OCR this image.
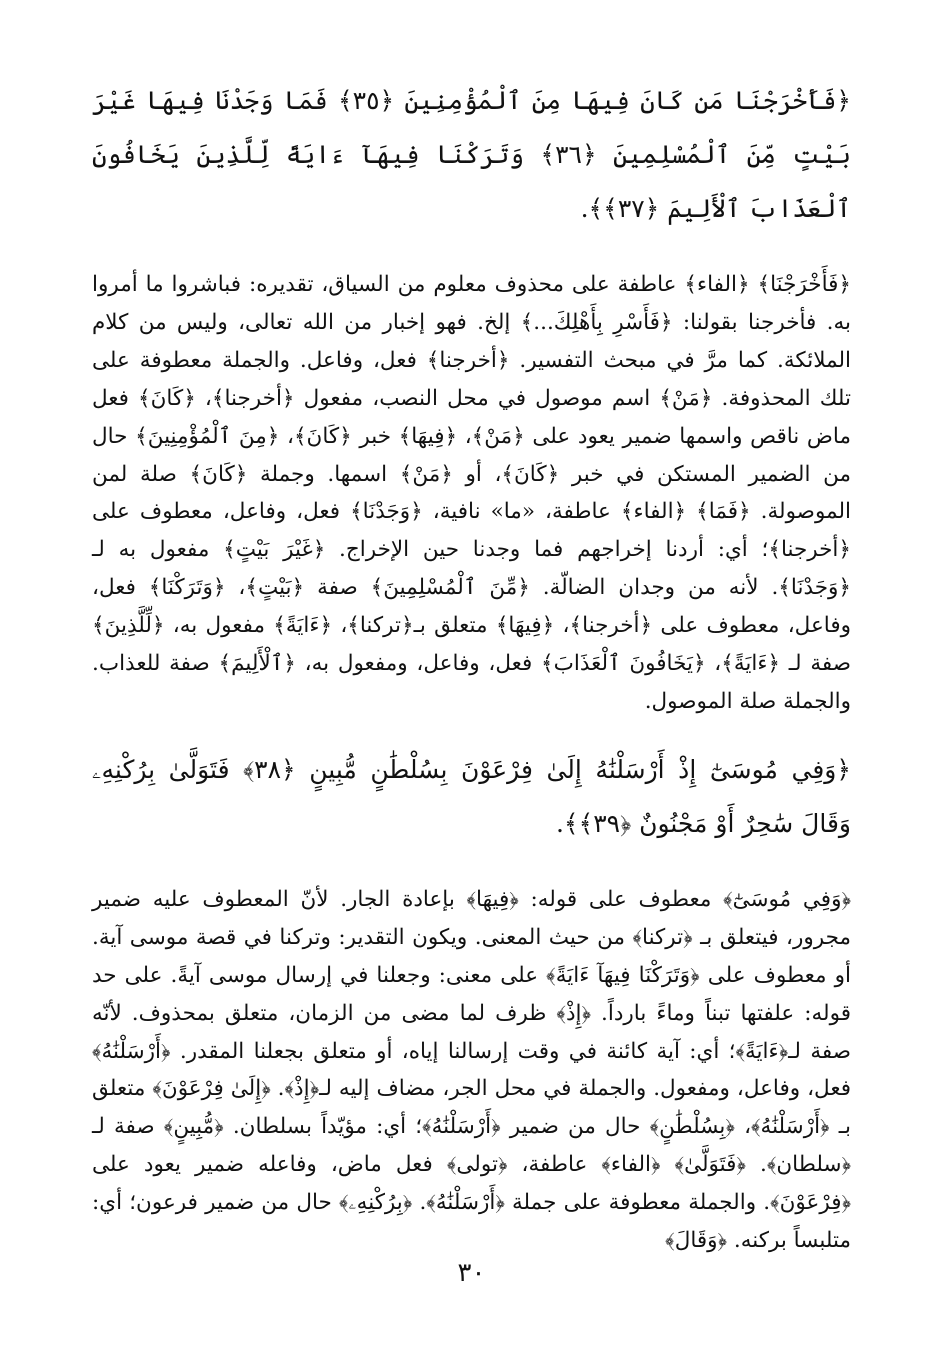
﴿فَأَخْرَجْنَا مَن كَانَ فِيهَا مِنَ ٱلْمُؤْمِنِينَ ﴿٣٥﴾ فَمَا وَجَدْنَا فِيهَا غَيْرَ بَيْتٍ مِّنَ ٱلْمُسْلِمِينَ ﴿٣٦﴾ وَتَرَكْنَا فِيهَآ ءَايَةً لِّلَّذِينَ يَخَافُونَ ٱلْعَذَابَ ٱلْأَلِيمَ ﴿٣٧﴾﴾.

﴿فَأَخْرَجْنَا﴾ ﴿الفاء﴾ عاطفة على محذوف معلوم من السياق، تقديره: فباشروا ما أمروا به. فأخرجنا بقولنا: ﴿فَأَسْرِ بِأَهْلِكَ...﴾ إلخ. فهو إخبار من الله تعالى، وليس من كلام الملائكة. كما مرَّ في مبحث التفسير. ﴿أخرجنا﴾ فعل، وفاعل. والجملة معطوفة على تلك المحذوفة. ﴿مَنْ﴾ اسم موصول في محل النصب، مفعول ﴿أخرجنا﴾، ﴿كَانَ﴾ فعل ماض ناقص واسمها ضمير يعود على ﴿مَنْ﴾، ﴿فِيهَا﴾ خبر ﴿كَانَ﴾، ﴿مِنَ ٱلْمُؤْمِنِينَ﴾ حال من الضمير المستكن في خبر ﴿كَانَ﴾، أو ﴿مَنْ﴾ اسمها. وجملة ﴿كَانَ﴾ صلة لمن الموصولة. ﴿فَمَا﴾ ﴿الفاء﴾ عاطفة، «ما» نافية، ﴿وَجَدْنَا﴾ فعل، وفاعل، معطوف على ﴿أخرجنا﴾؛ أي: أردنا إخراجهم فما وجدنا حين الإخراج. ﴿غَيْرَ بَيْتٍ﴾ مفعول به لـ ﴿وَجَدْنَا﴾. لأنه من وجدان الضالّة. ﴿مِّنَ ٱلْمُسْلِمِينَ﴾ صفة ﴿بَيْتٍ﴾، ﴿وَتَرَكْنَا﴾ فعل، وفاعل، معطوف على ﴿أخرجنا﴾، ﴿فِيهَا﴾ متعلق بـ﴿تركنا﴾، ﴿ءَايَةً﴾ مفعول به، ﴿لِّلَّذِينَ﴾ صفة لـ ﴿ءَايَةً﴾، ﴿يَخَافُونَ ٱلْعَذَابَ﴾ فعل، وفاعل، ومفعول به، ﴿ٱلْأَلِيمَ﴾ صفة للعذاب. والجملة صلة الموصول.

﴿وَفِي مُوسَىٰٓ إِذْ أَرْسَلْنَٰهُ إِلَىٰ فِرْعَوْنَ بِسُلْطَٰنٍ مُّبِينٍ ﴿٣٨﴾ فَتَوَلَّىٰ بِرُكْنِهِۦ وَقَالَ سَٰحِرٌ أَوْ مَجْنُونٌ ﴿٣٩﴾﴾.

﴿وَفِي مُوسَىٰٓ﴾ معطوف على قوله: ﴿فِيهَا﴾ بإعادة الجار. لأنّ المعطوف عليه ضمير مجرور، فيتعلق بـ ﴿تركنا﴾ من حيث المعنى. ويكون التقدير: وتركنا في قصة موسى آية. أو معطوف على ﴿وَتَرَكْنَا فِيهَآ ءَايَةً﴾ على معنى: وجعلنا في إرسال موسى آيةً. على حد قوله: علفتها تبناً وماءً بارداً. ﴿إِذْ﴾ ظرف لما مضى من الزمان، متعلق بمحذوف. لأنّه صفة لـ﴿ءَايَةً﴾؛ أي: آية كائنة في وقت إرسالنا إياه، أو متعلق بجعلنا المقدر. ﴿أَرْسَلْنَٰهُ﴾ فعل، وفاعل، ومفعول. والجملة في محل الجر، مضاف إليه لـ﴿إِذْ﴾. ﴿إِلَىٰ فِرْعَوْنَ﴾ متعلق بـ ﴿أَرْسَلْنَٰهُ﴾، ﴿بِسُلْطَٰنٍ﴾ حال من ضمير ﴿أَرْسَلْنَٰهُ﴾؛ أي: مؤيّداً بسلطان. ﴿مُّبِينٍ﴾ صفة لـ ﴿سلطان﴾. ﴿فَتَوَلَّىٰ﴾ ﴿الفاء﴾ عاطفة، ﴿تولى﴾ فعل ماض، وفاعله ضمير يعود على ﴿فِرْعَوْنَ﴾. والجملة معطوفة على جملة ﴿أَرْسَلْنَٰهُ﴾. ﴿بِرُكْنِهِۦ﴾ حال من ضمير فرعون؛ أي: متلبساً بركنه. ﴿وَقَالَ﴾

٣٠
